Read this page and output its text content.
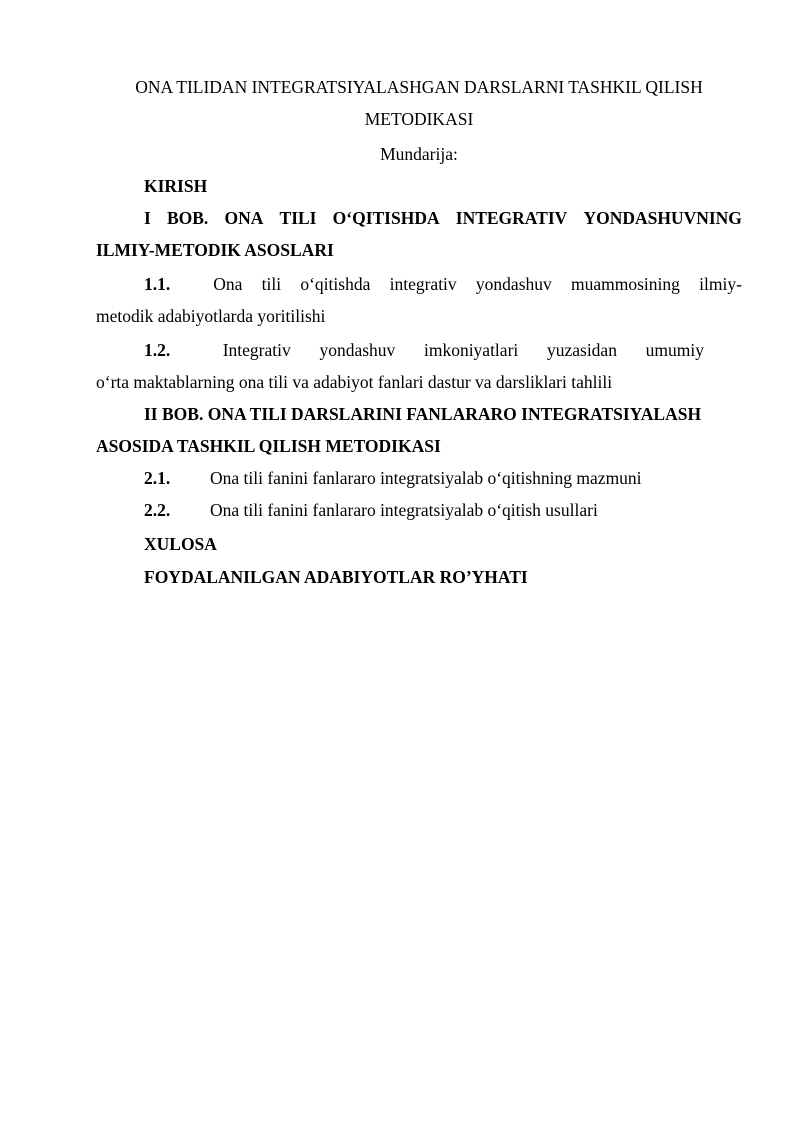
ONA TILIDAN INTEGRATSIYALASHGAN DARSLARNI TASHKIL QILISH
METODIKASI
Mundarija:
KIRISH
I BOB. ONA TILI O‘QITISHDA INTEGRATIV YONDASHUVNING
ILMIY-METODIK ASOSLARI
1.1.	Ona tili o‘qitishda integrativ yondashuv muammosining ilmiy-
metodik adabiyotlarda yoritilishi
1.2.	Integrativ yondashuv imkoniyatlari yuzasidan umumiy
o‘rta maktablarning ona tili va adabiyot fanlari dastur va darsliklari tahlili
II BOB. ONA TILI DARSLARINI FANLARARO INTEGRATSIYALASH
ASOSIDA TASHKIL QILISH METODIKASI
2.1. Ona tili fanini fanlararo integratsiyalab o‘qitishning mazmuni
2.2. Ona tili fanini fanlararo integratsiyalab o‘qitish usullari
XULOSA
FOYDALANILGAN ADABIYOTLAR RO’YHATI
